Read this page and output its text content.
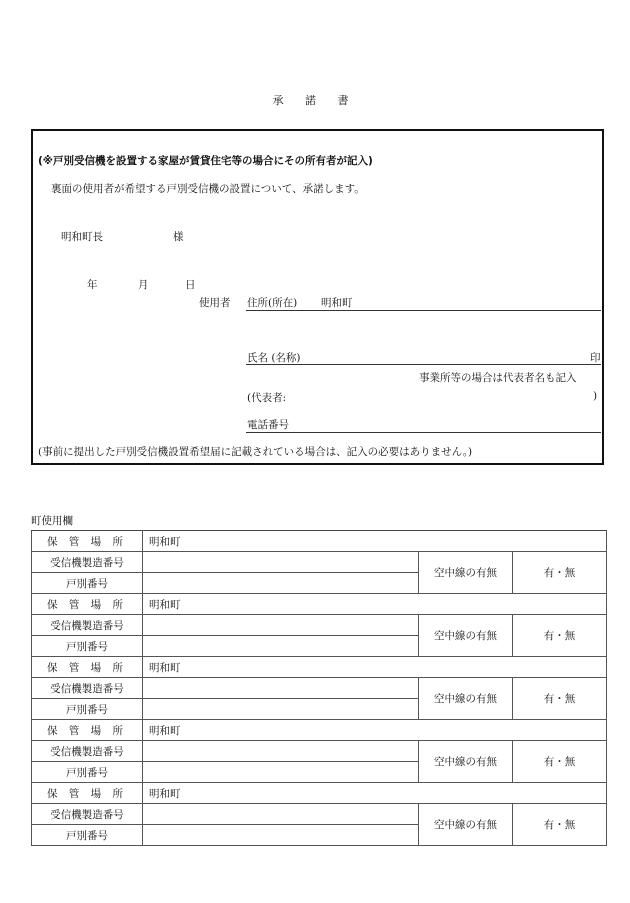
承 諾 書
(※戸別受信機を設置する家屋が賃貸住宅等の場合にその所有者が記入)
裏面の使用者が希望する戸別受信機の設置について、承諾します。
明和町長	様
年	月	日
使用者 住所(所在) 明和町
氏名 (名称)	印
事業所等の場合は代表者名も記入
(代表者:	)
電話番号
(事前に提出した戸別受信機設置希望届に記載されている場合は、記入の必要はありません。)
町使用欄
保 管 場 所	明和町		
受信機製造番号		空中線の有無	有・無
戸別番号			
保 管 場 所	明和町		
受信機製造番号		空中線の有無	有・無
戸別番号			
保 管 場 所	明和町		
受信機製造番号		空中線の有無	有・無
戸別番号			
保 管 場 所	明和町		
受信機製造番号		空中線の有無	有・無
戸別番号			
保 管 場 所	明和町		
受信機製造番号		空中線の有無	有・無
戸別番号			
